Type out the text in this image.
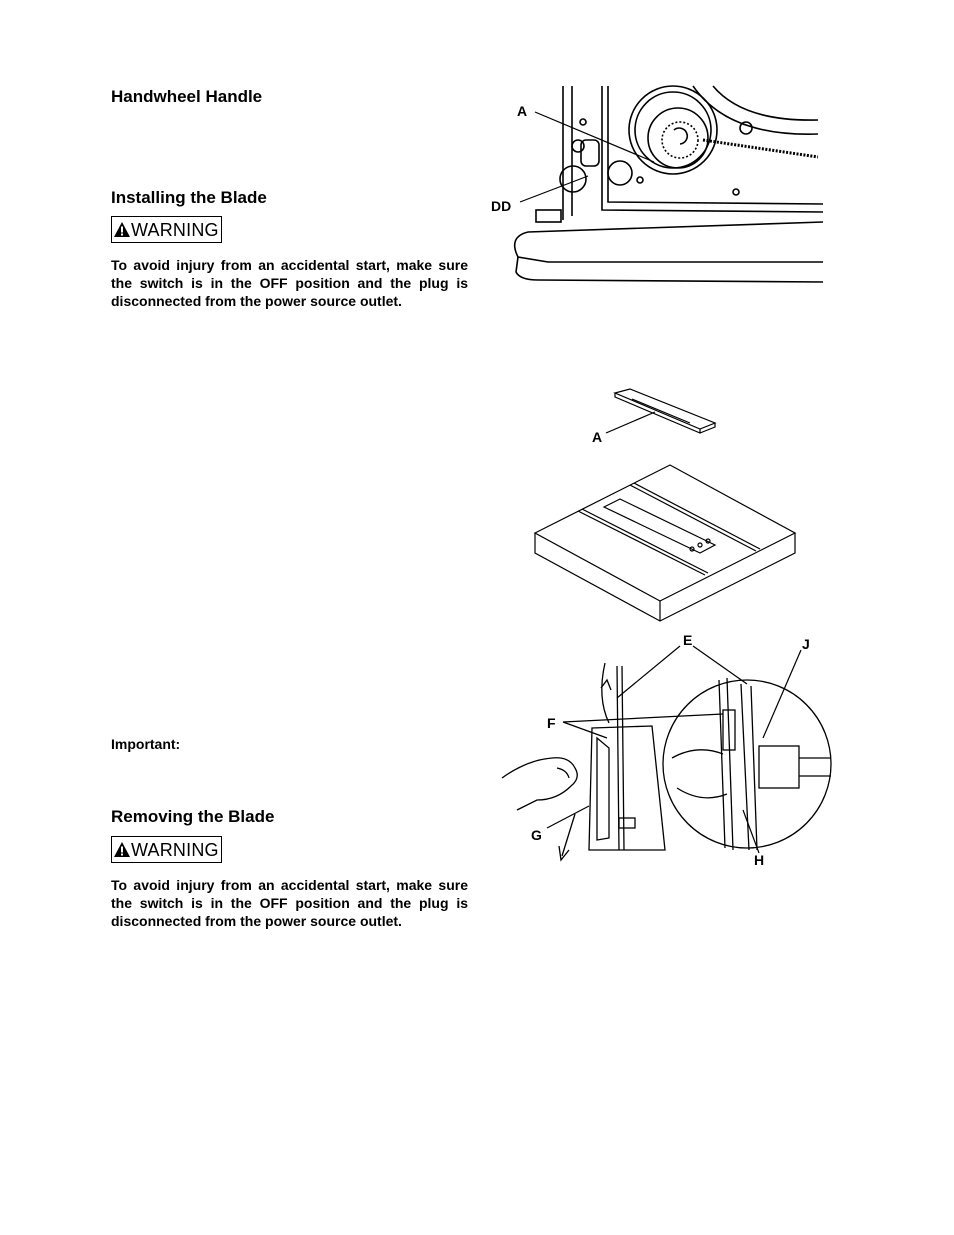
Handwheel Handle
Installing the Blade
WARNING
To avoid injury from an accidental start, make sure the switch is in the OFF position and the plug is disconnected from the power source outlet.
Important:
Removing the Blade
WARNING
To avoid injury from an accidental start, make sure the switch is in the OFF position and the plug is disconnected from the power source outlet.
A
DD
A
E	J
F
G
H
